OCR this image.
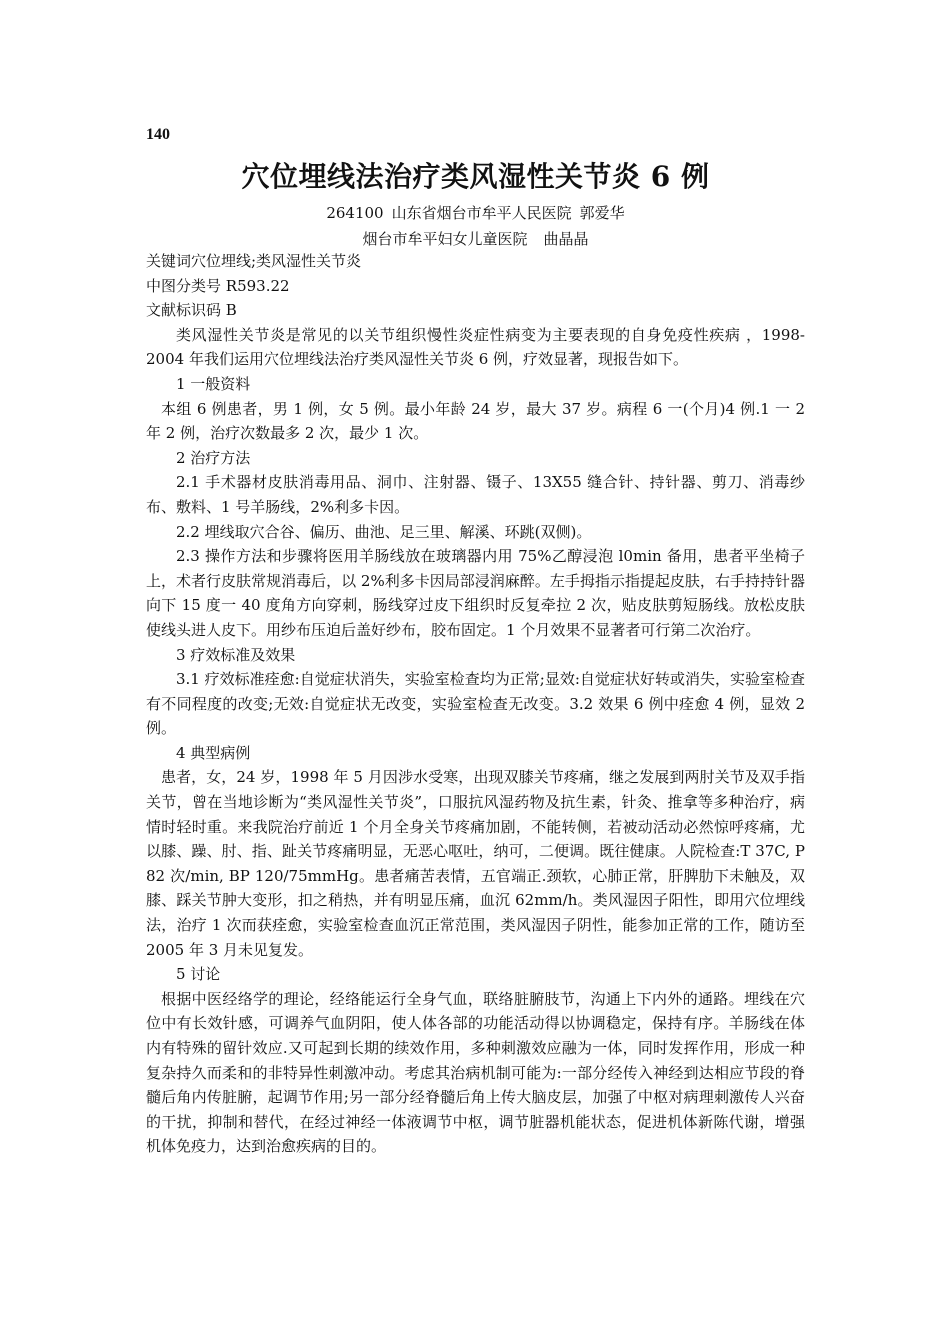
140
穴位埋线法治疗类风湿性关节炎 6 例
264100 山东省烟台市牟平人民医院 郭爱华
烟台市牟平妇女儿童医院 曲晶晶

关键词穴位埋线;类风湿性关节炎

中图分类号 R593.22

文献标识码 B

类风湿性关节炎是常见的以关节组织慢性炎症性病变为主要表现的自身免疫性疾病 ，1998-2004 年我们运用穴位埋线法治疗类风湿性关节炎 6 例，疗效显著，现报告如下。

1 一般资料

本组 6 例患者，男 1 例，女 5 例。最小年龄 24 岁，最大 37 岁。病程 6 一(个月)4 例.1 一 2 年 2 例，治疗次数最多 2 次，最少 1 次。

2 治疗方法

2.1 手术器材皮肤消毒用品、洞巾、注射器、镊子、13X55 缝合针、持针器、剪刀、消毒纱布、敷料、1 号羊肠线，2%利多卡因。

2.2 埋线取穴合谷、偏历、曲池、足三里、解溪、环跳(双侧)。

2.3 操作方法和步骤将医用羊肠线放在玻璃器内用 75%乙醇浸泡 l0min 备用，患者平坐椅子上，术者行皮肤常规消毒后，以 2%利多卡因局部浸润麻醉。左手拇指示指提起皮肤，右手持持针器向下 15 度一 40 度角方向穿刺，肠线穿过皮下组织时反复牵拉 2 次，贴皮肤剪短肠线。放松皮肤使线头进人皮下。用纱布压迫后盖好纱布，胶布固定。1 个月效果不显著者可行第二次治疗。

3 疗效标准及效果

3.1 疗效标准痊愈:自觉症状消失，实验室检查均为正常;显效:自觉症状好转或消失，实验室检查有不同程度的改变;无效:自觉症状无改变，实验室检查无改变。3.2 效果 6 例中痊愈 4 例，显效 2 例。

4 典型病例

患者，女，24 岁，1998 年 5 月因涉水受寒，出现双膝关节疼痛，继之发展到两肘关节及双手指关节，曾在当地诊断为“类风湿性关节炎”，口服抗风湿药物及抗生素，针灸、推拿等多种治疗，病情时轻时重。来我院治疗前近 1 个月全身关节疼痛加剧，不能转侧，若被动活动必然惊呼疼痛，尤以膝、躁、肘、指、趾关节疼痛明显，无恶心呕吐，纳可，二便调。既往健康。人院检查:T 37C, P 82 次/min, BP 120/75mmHg。患者痛苦表情，五官端正.颈软，心肺正常，肝脾肋下未触及，双膝、踩关节肿大变形，扣之稍热，并有明显压痛，血沉 62mm/h。类风湿因子阳性，即用穴位埋线法，治疗 1 次而获痊愈，实验室检查血沉正常范围，类风湿因子阴性，能参加正常的工作，随访至 2005 年 3 月未见复发。

5 讨论

根据中医经络学的理论，经络能运行全身气血，联络脏腑肢节，沟通上下内外的通路。埋线在穴位中有长效针感，可调养气血阴阳，使人体各部的功能活动得以协调稳定，保持有序。羊肠线在体内有特殊的留针效应.又可起到长期的续效作用，多种刺激效应融为一体，同时发挥作用，形成一种复杂持久而柔和的非特异性刺激冲动。考虑其治病机制可能为:一部分经传入神经到达相应节段的脊髓后角内传脏腑，起调节作用;另一部分经脊髓后角上传大脑皮层，加强了中枢对病理刺激传人兴奋的干扰，抑制和替代，在经过神经一体液调节中枢，调节脏器机能状态，促进机体新陈代谢，增强机体免疫力，达到治愈疾病的目的。
